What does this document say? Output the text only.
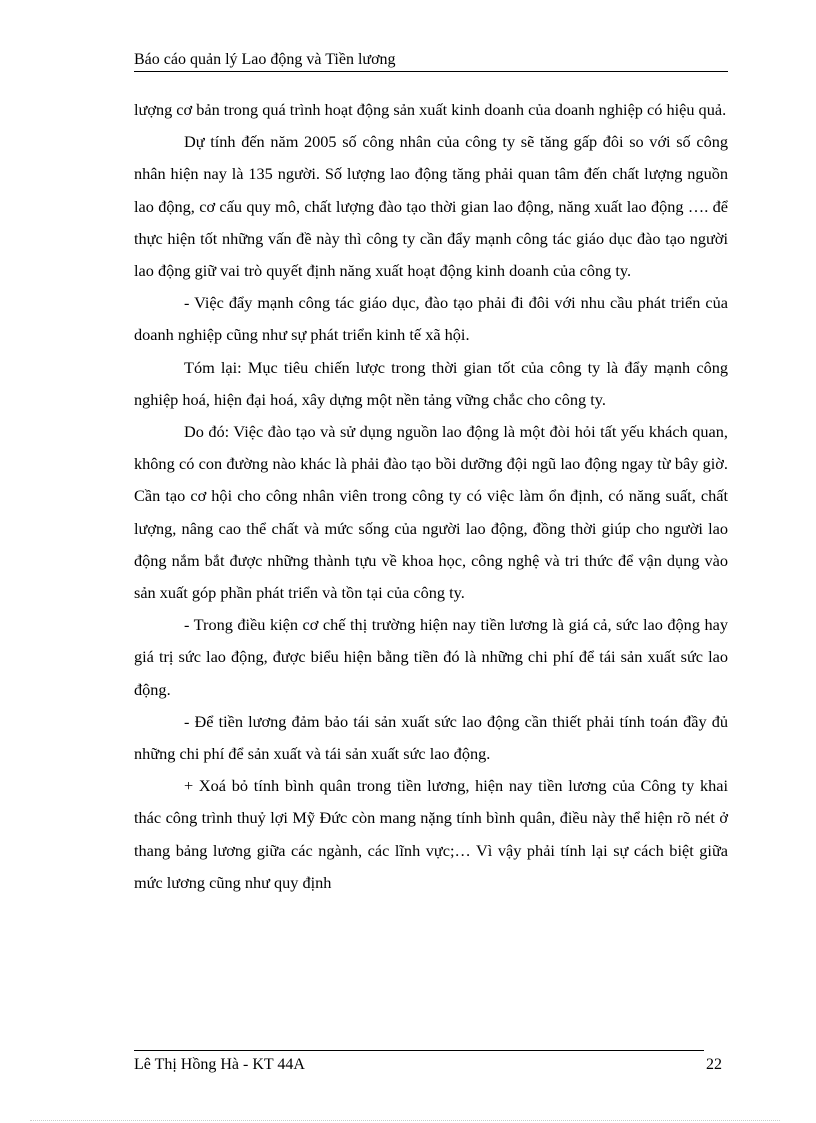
Báo cáo quản lý Lao động và Tiền lương

lượng cơ bản trong quá trình hoạt động sản xuất kinh doanh của doanh nghiệp có hiệu quả.

Dự tính đến năm 2005 số công nhân của công ty sẽ tăng gấp đôi so với số công nhân hiện nay là 135 người. Số lượng lao động tăng phải quan tâm đến chất lượng nguồn lao động, cơ cấu quy mô, chất lượng đào tạo thời gian lao động, năng xuất lao động …. để thực hiện tốt những vấn đề này thì công ty cần đẩy mạnh công tác giáo dục đào tạo người lao động giữ vai trò quyết định năng xuất hoạt động kinh doanh của công ty.

- Việc đẩy mạnh công tác giáo dục, đào tạo phải đi đôi với nhu cầu phát triển của doanh nghiệp cũng như sự phát triển kinh tế xã hội.

Tóm lại: Mục tiêu chiến lược trong thời gian tốt của công ty là đẩy mạnh công nghiệp hoá, hiện đại hoá, xây dựng một nền tảng vững chắc cho công ty.

Do đó: Việc đào tạo và sử dụng nguồn lao động là một đòi hỏi tất yếu khách quan, không có con đường nào khác là phải đào tạo bồi dưỡng đội ngũ lao động ngay từ bây giờ. Cần tạo cơ hội cho công nhân viên trong công ty có việc làm ổn định, có năng suất, chất lượng, nâng cao thể chất và mức sống của người lao động, đồng thời giúp cho người lao động nắm bắt được những thành tựu về khoa học, công nghệ và tri thức để vận dụng vào sản xuất góp phần phát triển và tồn tại của công ty.

- Trong điều kiện cơ chế thị trường hiện nay tiền lương là giá cả, sức lao động hay giá trị sức lao động, được biểu hiện bằng tiền đó là những chi phí để tái sản xuất sức lao động.

- Để tiền lương đảm bảo tái sản xuất sức lao động cần thiết phải tính toán đầy đủ những chi phí để sản xuất và tái sản xuất sức lao động.

+ Xoá bỏ tính bình quân trong tiền lương, hiện nay tiền lương của Công ty khai thác công trình thuỷ lợi Mỹ Đức còn mang nặng tính bình quân, điều này thể hiện rõ nét ở thang bảng lương giữa các ngành, các lĩnh vực;… Vì vậy phải tính lại sự cách biệt giữa mức lương cũng như quy định

Lê Thị Hồng Hà - KT 44A	22
